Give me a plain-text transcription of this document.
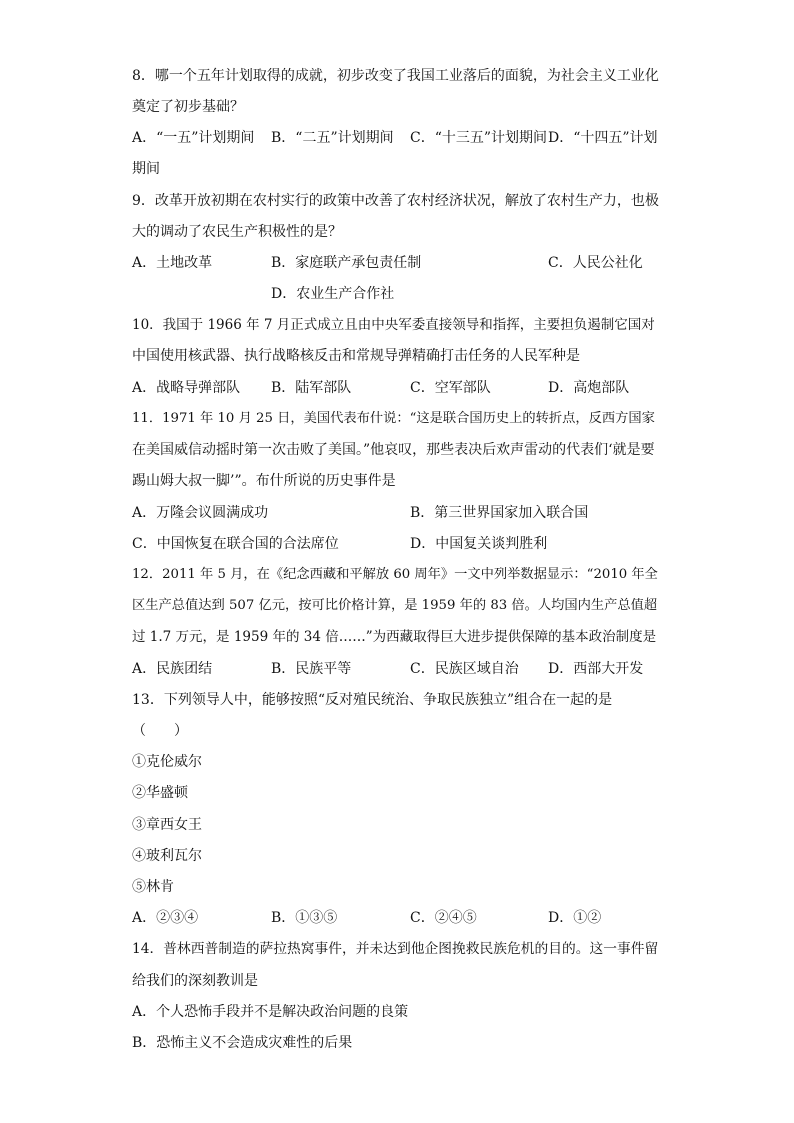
8．哪一个五年计划取得的成就，初步改变了我国工业落后的面貌，为社会主义工业化
奠定了初步基础？
A．“一五”计划期间 B．“二五”计划期间 C．“十三五”计划期间 D．“十四五”计划
期间
9．改革开放初期在农村实行的政策中改善了农村经济状况，解放了农村生产力，也极
大的调动了农民生产积极性的是？
A．土地改革	B．家庭联产承包责任制	C．人民公社化
D．农业生产合作社
10．我国于 1966 年 7 月正式成立且由中央军委直接领导和指挥，主要担负遏制它国对
中国使用核武器、执行战略核反击和常规导弹精确打击任务的人民军种是
A．战略导弹部队 B．陆军部队	C．空军部队	D．高炮部队
11．1971 年 10 月 25 日，美国代表布什说：“这是联合国历史上的转折点，反西方国家
在美国威信动摇时第一次击败了美国。”他哀叹，那些表决后欢声雷动的代表们‘就是要
踢山姆大叔一脚’”。布什所说的历史事件是
A．万隆会议圆满成功	B．第三世界国家加入联合国
C．中国恢复在联合国的合法席位	D．中国复关谈判胜利
12．2011 年 5 月，在《纪念西藏和平解放 60 周年》一文中列举数据显示：“2010 年全
区生产总值达到 507 亿元，按可比价格计算，是 1959 年的 83 倍。人均国内生产总值超
过 1.7 万元，是 1959 年的 34 倍……”为西藏取得巨大进步提供保障的基本政治制度是
A．民族团结	B．民族平等	C．民族区域自治 D．西部大开发
13．下列领导人中，能够按照“反对殖民统治、争取民族独立”组合在一起的是
（　　）
①克伦威尔
②华盛顿
③章西女王
④玻利瓦尔
⑤林肯
A．②③④	B．①③⑤	C．②④⑤	D．①②
14．普林西普制造的萨拉热窝事件，并未达到他企图挽救民族危机的目的。这一事件留
给我们的深刻教训是
A．个人恐怖手段并不是解决政治问题的良策
B．恐怖主义不会造成灾难性的后果
